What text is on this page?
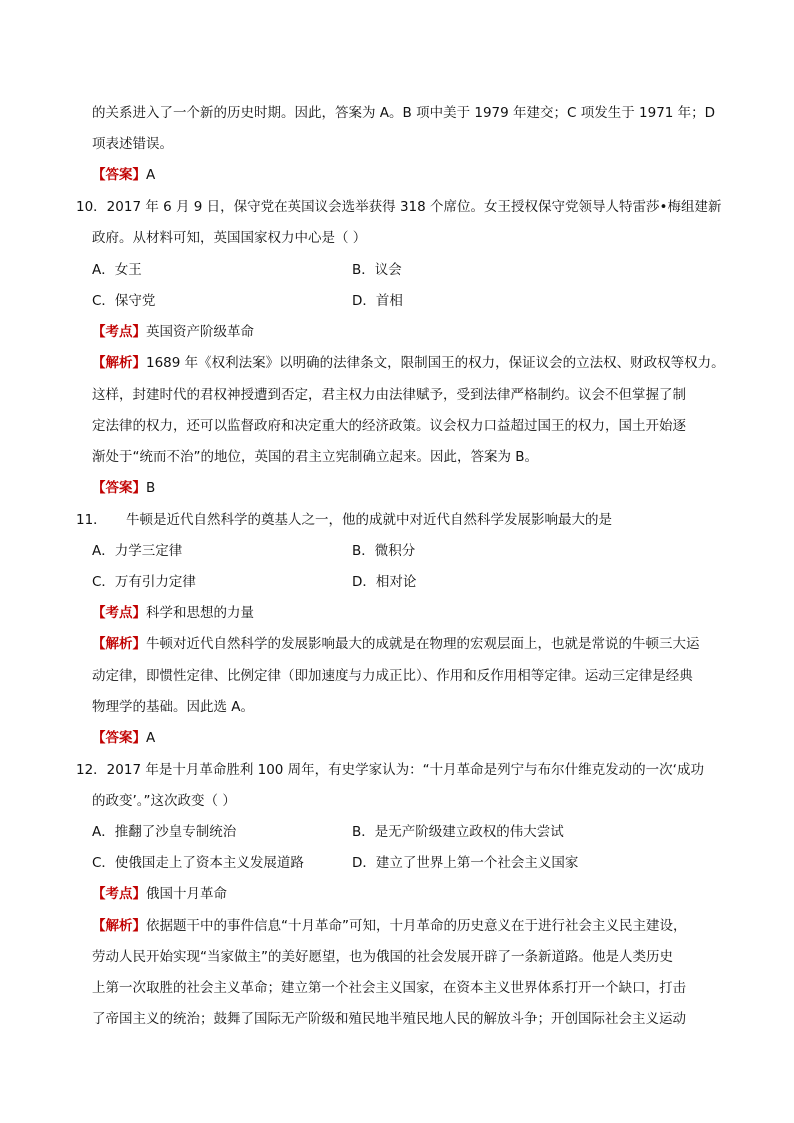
的关系进入了一个新的历史时期。因此，答案为 A。B 项中美于 1979 年建交；C 项发生于 1971 年；D
项表述错误。
【答案】A
10．2017 年 6 月 9 日，保守党在英国议会选举获得 318 个席位。女王授权保守党领导人特雷莎•梅组建新
政府。从材料可知，英国国家权力中心是（ ）
A．女王	B．议会
C．保守党	D．首相
【考点】英国资产阶级革命
【解析】1689 年《权利法案》以明确的法律条文，限制国王的权力，保证议会的立法权、财政权等权力。
这样，封建时代的君权神授遭到否定，君主权力由法律赋予，受到法律严格制约。议会不但掌握了制
定法律的权力，还可以监督政府和决定重大的经济政策。议会权力口益超过国王的权力，国土开始逐
渐处于“统而不治”的地位，英国的君主立宪制确立起来。因此，答案为 B。
【答案】B
11． 牛顿是近代自然科学的奠基人之一，他的成就中对近代自然科学发展影响最大的是
A．力学三定律	B．微积分
C．万有引力定律	D．相对论
【考点】科学和思想的力量
【解析】牛顿对近代自然科学的发展影响最大的成就是在物理的宏观层面上，也就是常说的牛顿三大运
动定律，即惯性定律、比例定律（即加速度与力成正比）、作用和反作用相等定律。运动三定律是经典
物理学的基础。因此选 A。
【答案】A
12．2017 年是十月革命胜利 100 周年，有史学家认为：“十月革命是列宁与布尔什维克发动的一次‘成功
的政变’。”这次政变（ ）
A．推翻了沙皇专制统治	B．是无产阶级建立政权的伟大尝试
C．使俄国走上了资本主义发展道路	D．建立了世界上第一个社会主义国家
【考点】俄国十月革命
【解析】依据题干中的事件信息“十月革命”可知，十月革命的历史意义在于进行社会主义民主建设，
劳动人民开始实现“当家做主”的美好愿望，也为俄国的社会发展开辟了一条新道路。他是人类历史
上第一次取胜的社会主义革命；建立第一个社会主义国家，在资本主义世界体系打开一个缺口，打击
了帝国主义的统治；鼓舞了国际无产阶级和殖民地半殖民地人民的解放斗争；开创国际社会主义运动
